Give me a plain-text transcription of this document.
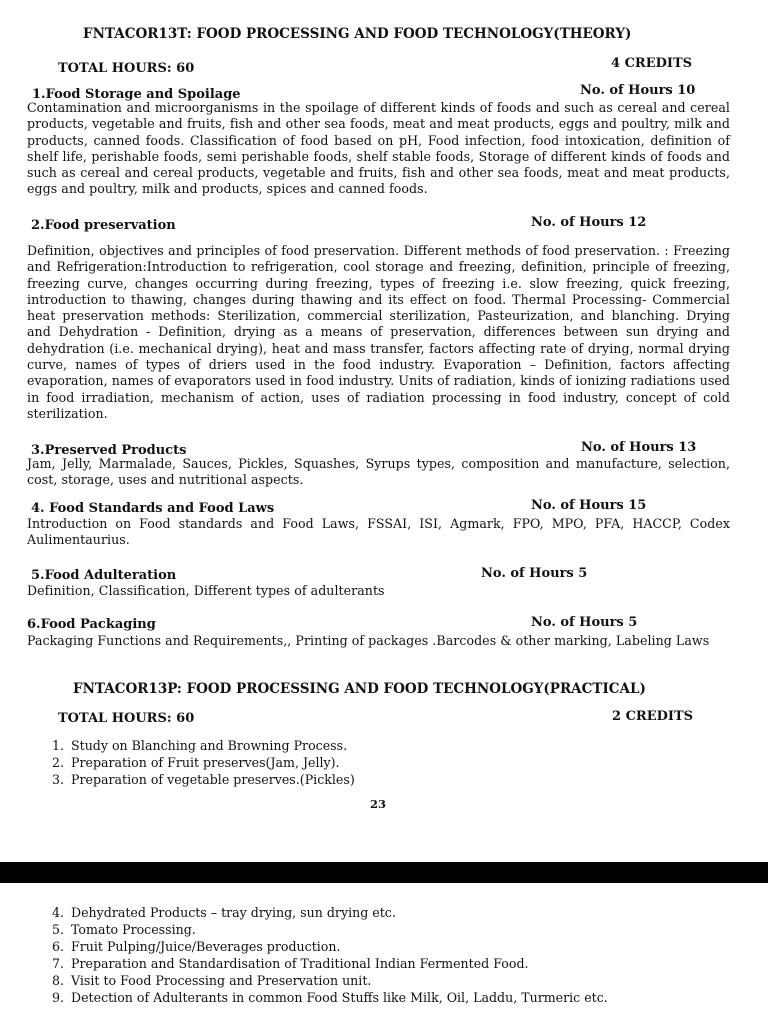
FNTACOR13T: FOOD PROCESSING AND FOOD TECHNOLOGY(THEORY)
TOTAL HOURS: 60	4 CREDITS
1.Food Storage and Spoilage	No. of Hours 10
Contamination and microorganisms in the spoilage of different kinds of foods and such as cereal and cereal products, vegetable and fruits, fish and other sea foods, meat and meat products, eggs and poultry, milk and products, canned foods. Classification of food based on pH, Food infection, food intoxication, definition of shelf life, perishable foods, semi perishable foods, shelf stable foods, Storage of different kinds of foods and such as cereal and cereal products, vegetable and fruits, fish and other sea foods, meat and meat products, eggs and poultry, milk and products, spices and canned foods.
2.Food preservation	No. of Hours 12
Definition, objectives and principles of food preservation. Different methods of food preservation. : Freezing and Refrigeration:Introduction to refrigeration, cool storage and freezing, definition, principle of freezing, freezing curve, changes occurring during freezing, types of freezing i.e. slow freezing, quick freezing, introduction to thawing, changes during thawing and its effect on food. Thermal Processing- Commercial heat preservation methods: Sterilization, commercial sterilization, Pasteurization, and blanching. Drying and Dehydration - Definition, drying as a means of preservation, differences between sun drying and dehydration (i.e. mechanical drying), heat and mass transfer, factors affecting rate of drying, normal drying curve, names of types of driers used in the food industry. Evaporation – Definition, factors affecting evaporation, names of evaporators used in food industry. Units of radiation, kinds of ionizing radiations used in food irradiation, mechanism of action, uses of radiation processing in food industry, concept of cold sterilization.
3.Preserved Products	No. of Hours 13
Jam, Jelly, Marmalade, Sauces, Pickles, Squashes, Syrups types, composition and manufacture, selection, cost, storage, uses and nutritional aspects.
4. Food Standards and Food Laws	No. of Hours 15
Introduction on Food standards and Food Laws, FSSAI, ISI, Agmark, FPO, MPO, PFA, HACCP, Codex Aulimentaurius.
5.Food Adulteration	No. of Hours 5
Definition, Classification, Different types of adulterants
6.Food Packaging	No. of Hours 5
Packaging Functions and Requirements,, Printing of packages .Barcodes & other marking, Labeling Laws
FNTACOR13P: FOOD PROCESSING AND FOOD TECHNOLOGY(PRACTICAL)
TOTAL HOURS: 60	2 CREDITS
1. Study on Blanching and Browning Process.
2. Preparation of Fruit preserves(Jam, Jelly).
3. Preparation of vegetable preserves.(Pickles)
23
4. Dehydrated Products – tray drying, sun drying etc.
5. Tomato Processing.
6. Fruit Pulping/Juice/Beverages production.
7. Preparation and Standardisation of Traditional Indian Fermented Food.
8. Visit to Food Processing and Preservation unit.
9. Detection of Adulterants in common Food Stuffs like Milk, Oil, Laddu, Turmeric etc.
